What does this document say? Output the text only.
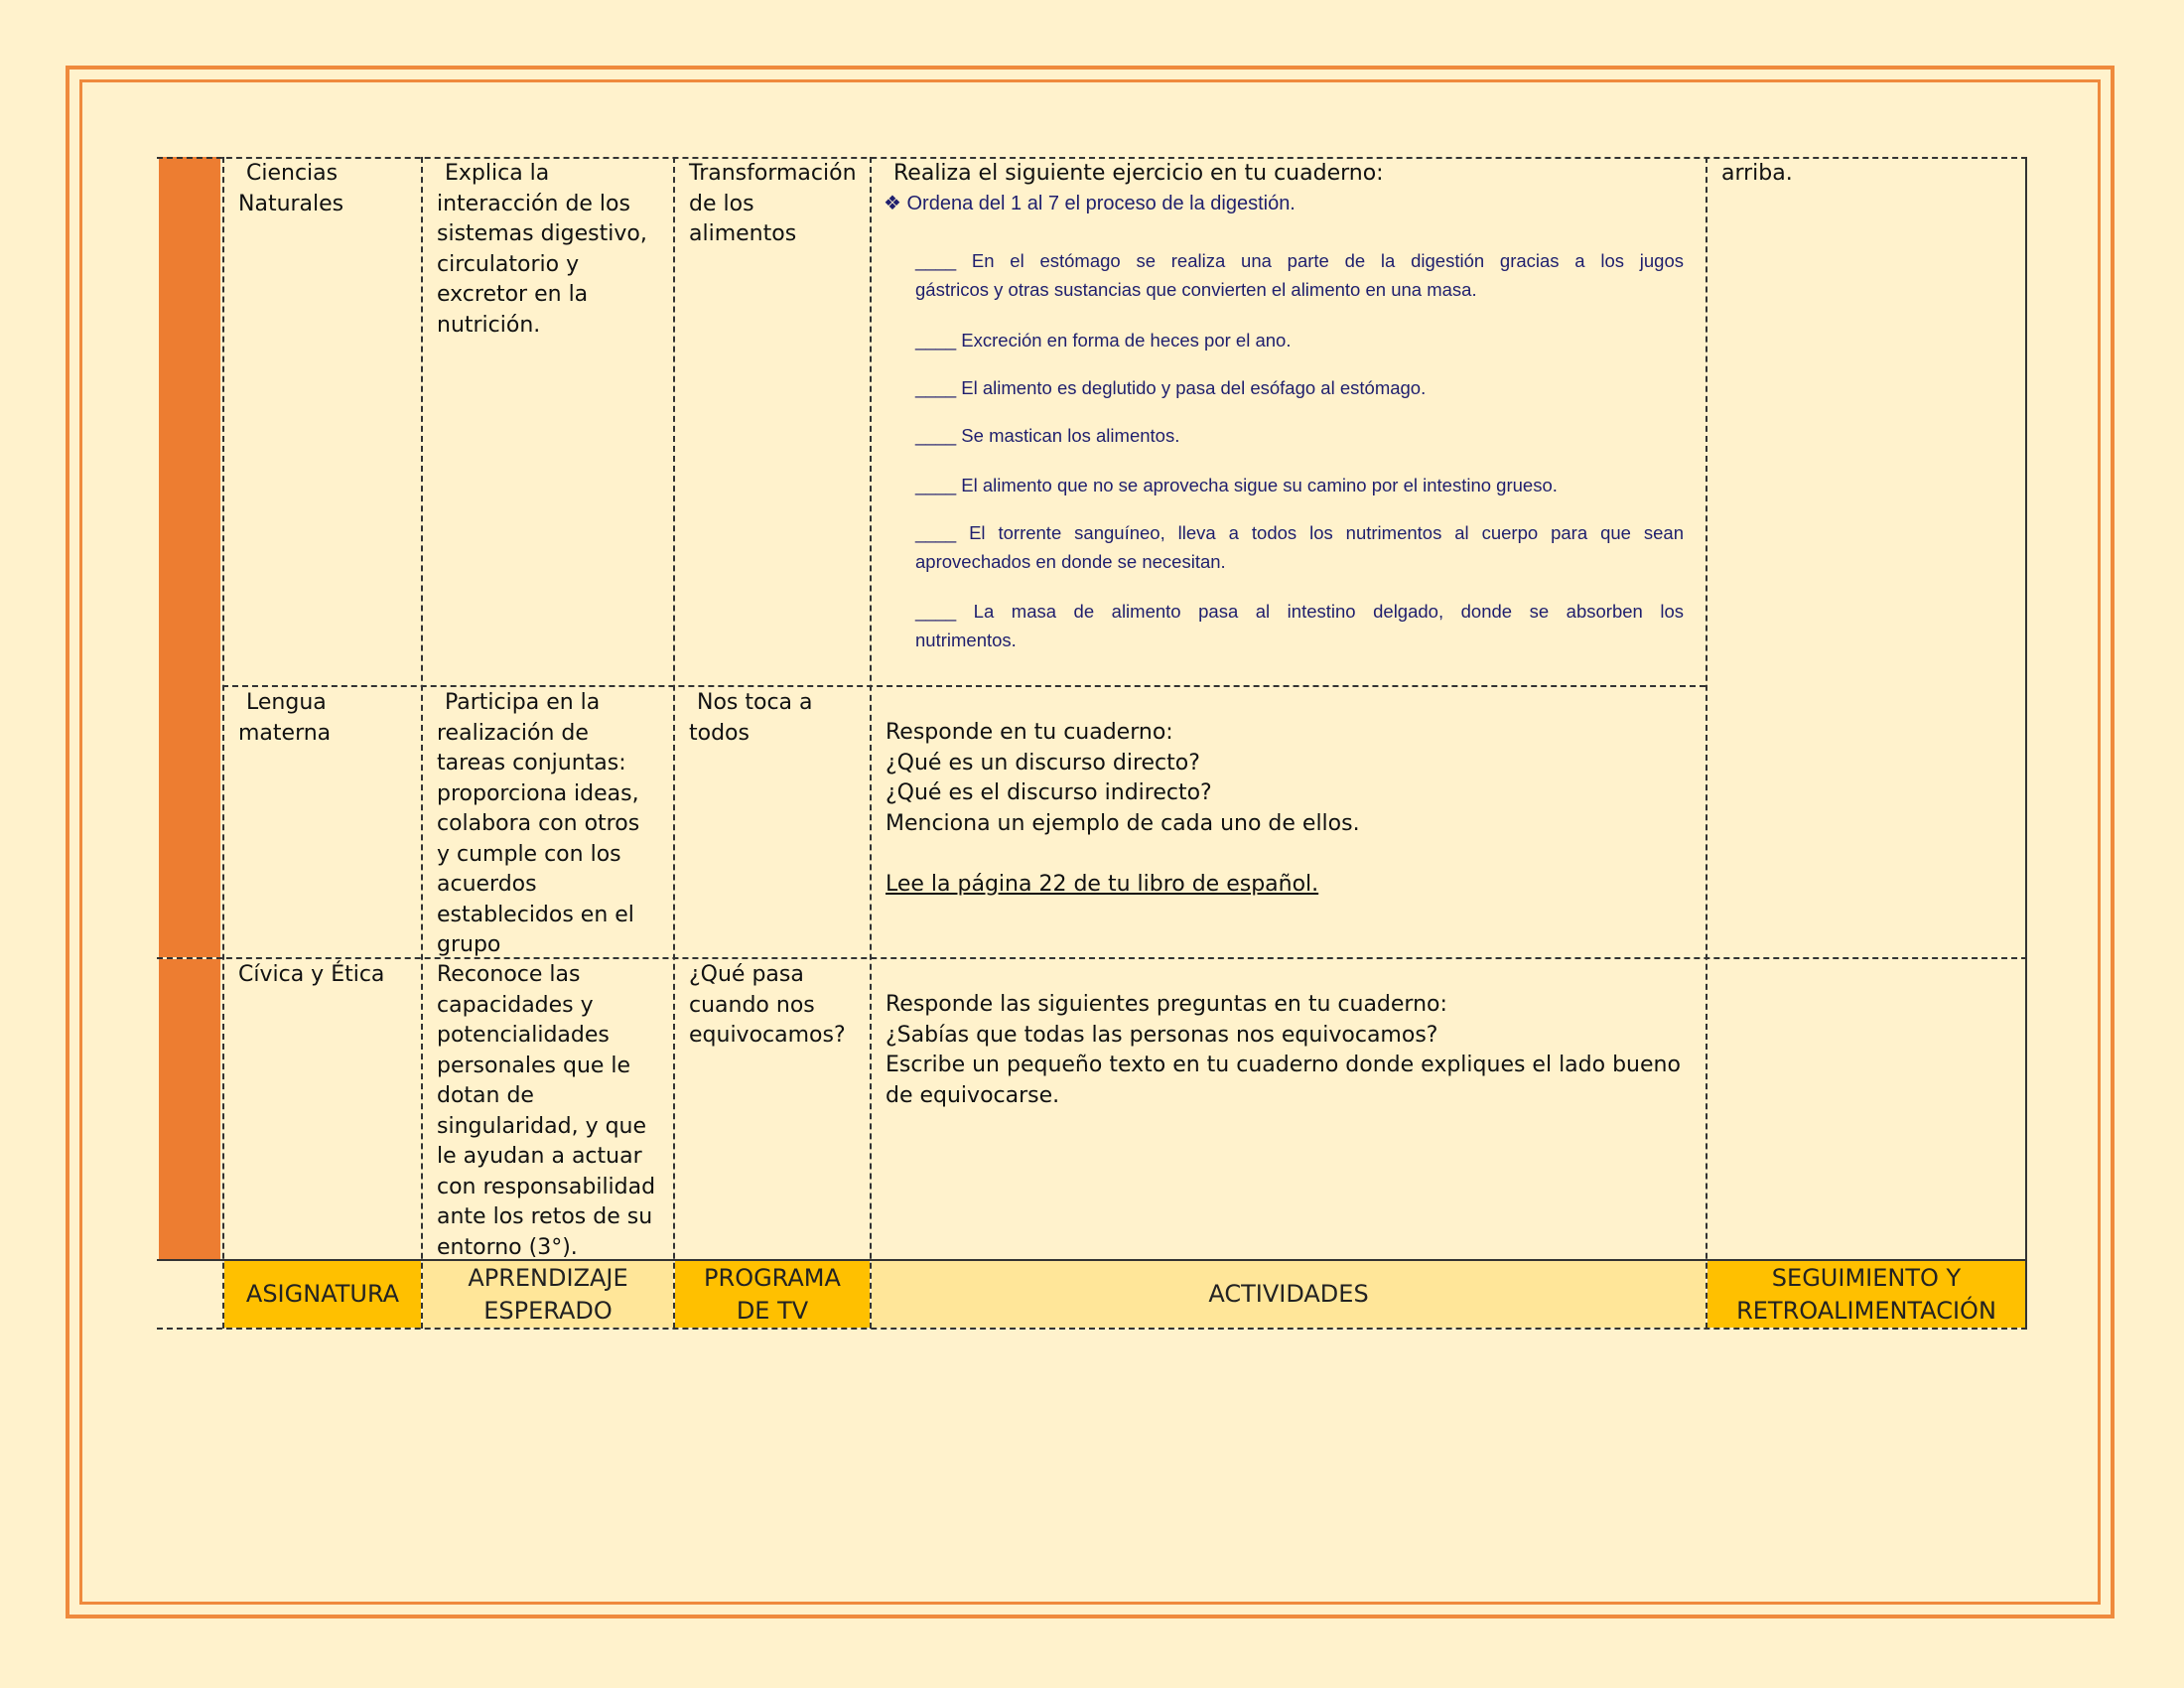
Ciencias
Naturales
Explica la
interacción de los
sistemas digestivo,
circulatorio y
excretor en la
nutrición.
Transformación
de los
alimentos
Realiza el siguiente ejercicio en tu cuaderno:
❖ Ordena del 1 al 7 el proceso de la digestión.
____ En el estómago se realiza una parte de la digestión gracias a los jugos
gástricos y otras sustancias que convierten el alimento en una masa.
____ Excreción en forma de heces por el ano.
____ El alimento es deglutido y pasa del esófago al estómago.
____ Se mastican los alimentos.
____ El alimento que no se aprovecha sigue su camino por el intestino grueso.
____ El torrente sanguíneo, lleva a todos los nutrimentos al cuerpo para que sean
aprovechados en donde se necesitan.
____ La masa de alimento pasa al intestino delgado, donde se absorben los
nutrimentos.
arriba.
Lengua
materna
Participa en la
realización de
tareas conjuntas:
proporciona ideas,
colabora con otros
y cumple con los
acuerdos
establecidos en el
grupo
Nos toca a
todos	Responde en tu cuaderno:
¿Qué es un discurso directo?
¿Qué es el discurso indirecto?
Menciona un ejemplo de cada uno de ellos.
Lee la página 22 de tu libro de español.
Cívica y Ética	Reconoce las
capacidades y
potencialidades
personales que le
dotan de
singularidad, y que
le ayudan a actuar
con responsabilidad
ante los retos de su
entorno (3°).
¿Qué pasa
cuando nos
equivocamos?
Responde las siguientes preguntas en tu cuaderno:
¿Sabías que todas las personas nos equivocamos?
Escribe un pequeño texto en tu cuaderno donde expliques el lado bueno
de equivocarse.
ASIGNATURA
APRENDIZAJE
ESPERADO
PROGRAMA
DE TV
ACTIVIDADES
SEGUIMIENTO Y
RETROALIMENTACIÓN
